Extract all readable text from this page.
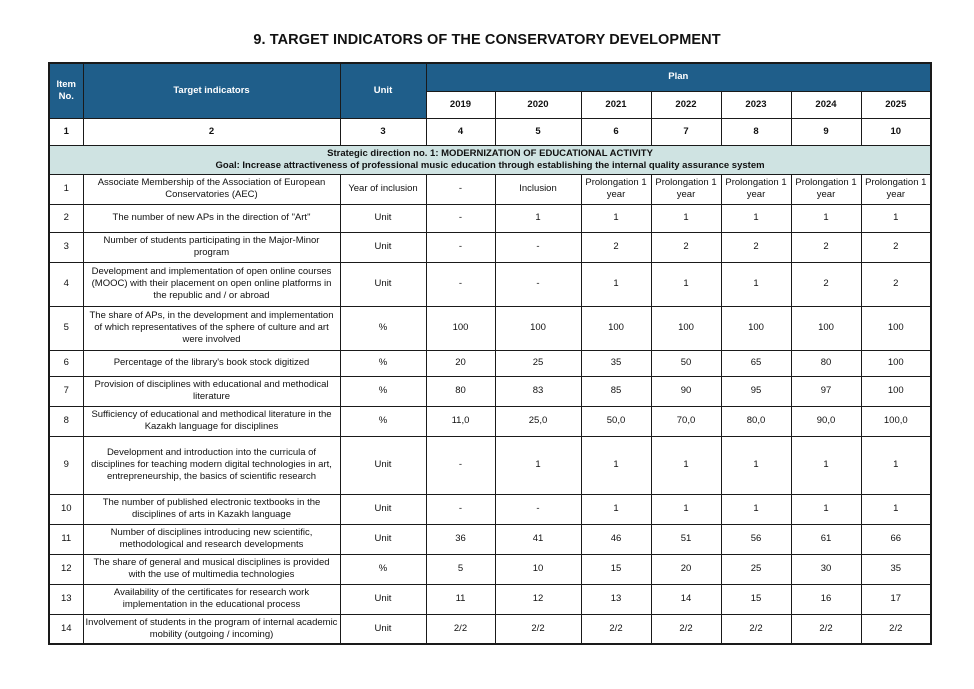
9. TARGET INDICATORS OF THE CONSERVATORY DEVELOPMENT
Item No.	Target indicators	Unit	Plan						
			2019	2020	2021	2022	2023	2024	2025
1	2	3	4	5	6	7	8	9	10

Strategic direction no. 1: MODERNIZATION OF EDUCATIONAL ACTIVITY
Goal: Increase attractiveness of professional music education through establishing the internal quality assurance system									

1	Associate Membership of the Association of European Conservatories (AEC)	Year of inclusion	-	Inclusion	Prolongation 1 year	Prolongation 1 year	Prolongation 1 year	Prolongation 1 year	Prolongation 1 year
2	The number of new APs in the direction of "Art"	Unit	-	1	1	1	1	1	1
3	Number of students participating in the Major-Minor program	Unit	-	-	2	2	2	2	2
4	Development and implementation of open online courses (MOOC) with their placement on open online platforms in the republic and / or abroad	Unit	-	-	1	1	1	2	2
5	The share of APs, in the development and implementation of which representatives of the sphere of culture and art were involved	%	100	100	100	100	100	100	100
6	Percentage of the library's book stock digitized	%	20	25	35	50	65	80	100
7	Provision of disciplines with educational and methodical literature	%	80	83	85	90	95	97	100
8	Sufficiency of educational and methodical literature in the Kazakh language for disciplines	%	11,0	25,0	50,0	70,0	80,0	90,0	100,0
9	Development and introduction into the curricula of disciplines for teaching modern digital technologies in art, entrepreneurship, the basics of scientific research	Unit	-	1	1	1	1	1	1
10	The number of published electronic textbooks in the disciplines of arts in Kazakh language	Unit	-	-	1	1	1	1	1
11	Number of disciplines introducing new scientific, methodological and research developments	Unit	36	41	46	51	56	61	66
12	The share of general and musical disciplines is provided with the use of multimedia technologies	%	5	10	15	20	25	30	35
13	Availability of the certificates for research work implementation in the educational process	Unit	11	12	13	14	15	16	17
14	Involvement of students in the program of internal academic mobility (outgoing / incoming)	Unit	2/2	2/2	2/2	2/2	2/2	2/2	2/2
